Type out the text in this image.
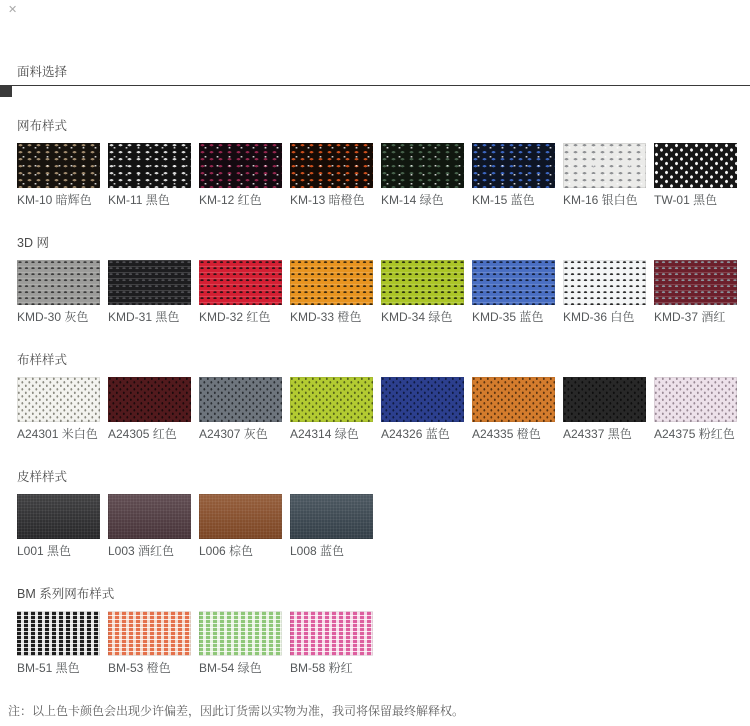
✕
面料选择
网布样式
KM-10 暗辉色	KM-11 黑色	KM-12 红色	KM-13 暗橙色	KM-14 绿色	KM-15 蓝色	KM-16 银白色	TW-01 黑色
3D 网
KMD-30 灰色	KMD-31 黑色	KMD-32 红色	KMD-33 橙色	KMD-34 绿色	KMD-35 蓝色	KMD-36 白色	KMD-37 酒红
布样样式
A24301 米白色 A24305 红色	A24307 灰色	A24314 绿色	A24326 蓝色	A24335 橙色	A24337 黑色	A24375 粉红色
皮样样式
L001 黑色	L003 酒红色	L006 棕色	L008 蓝色
BM 系列网布样式
BM-51 黑色	BM-53 橙色	BM-54 绿色	BM-58 粉红
注：以上色卡颜色会出现少许偏差，因此订货需以实物为准，我司将保留最终解释权。
